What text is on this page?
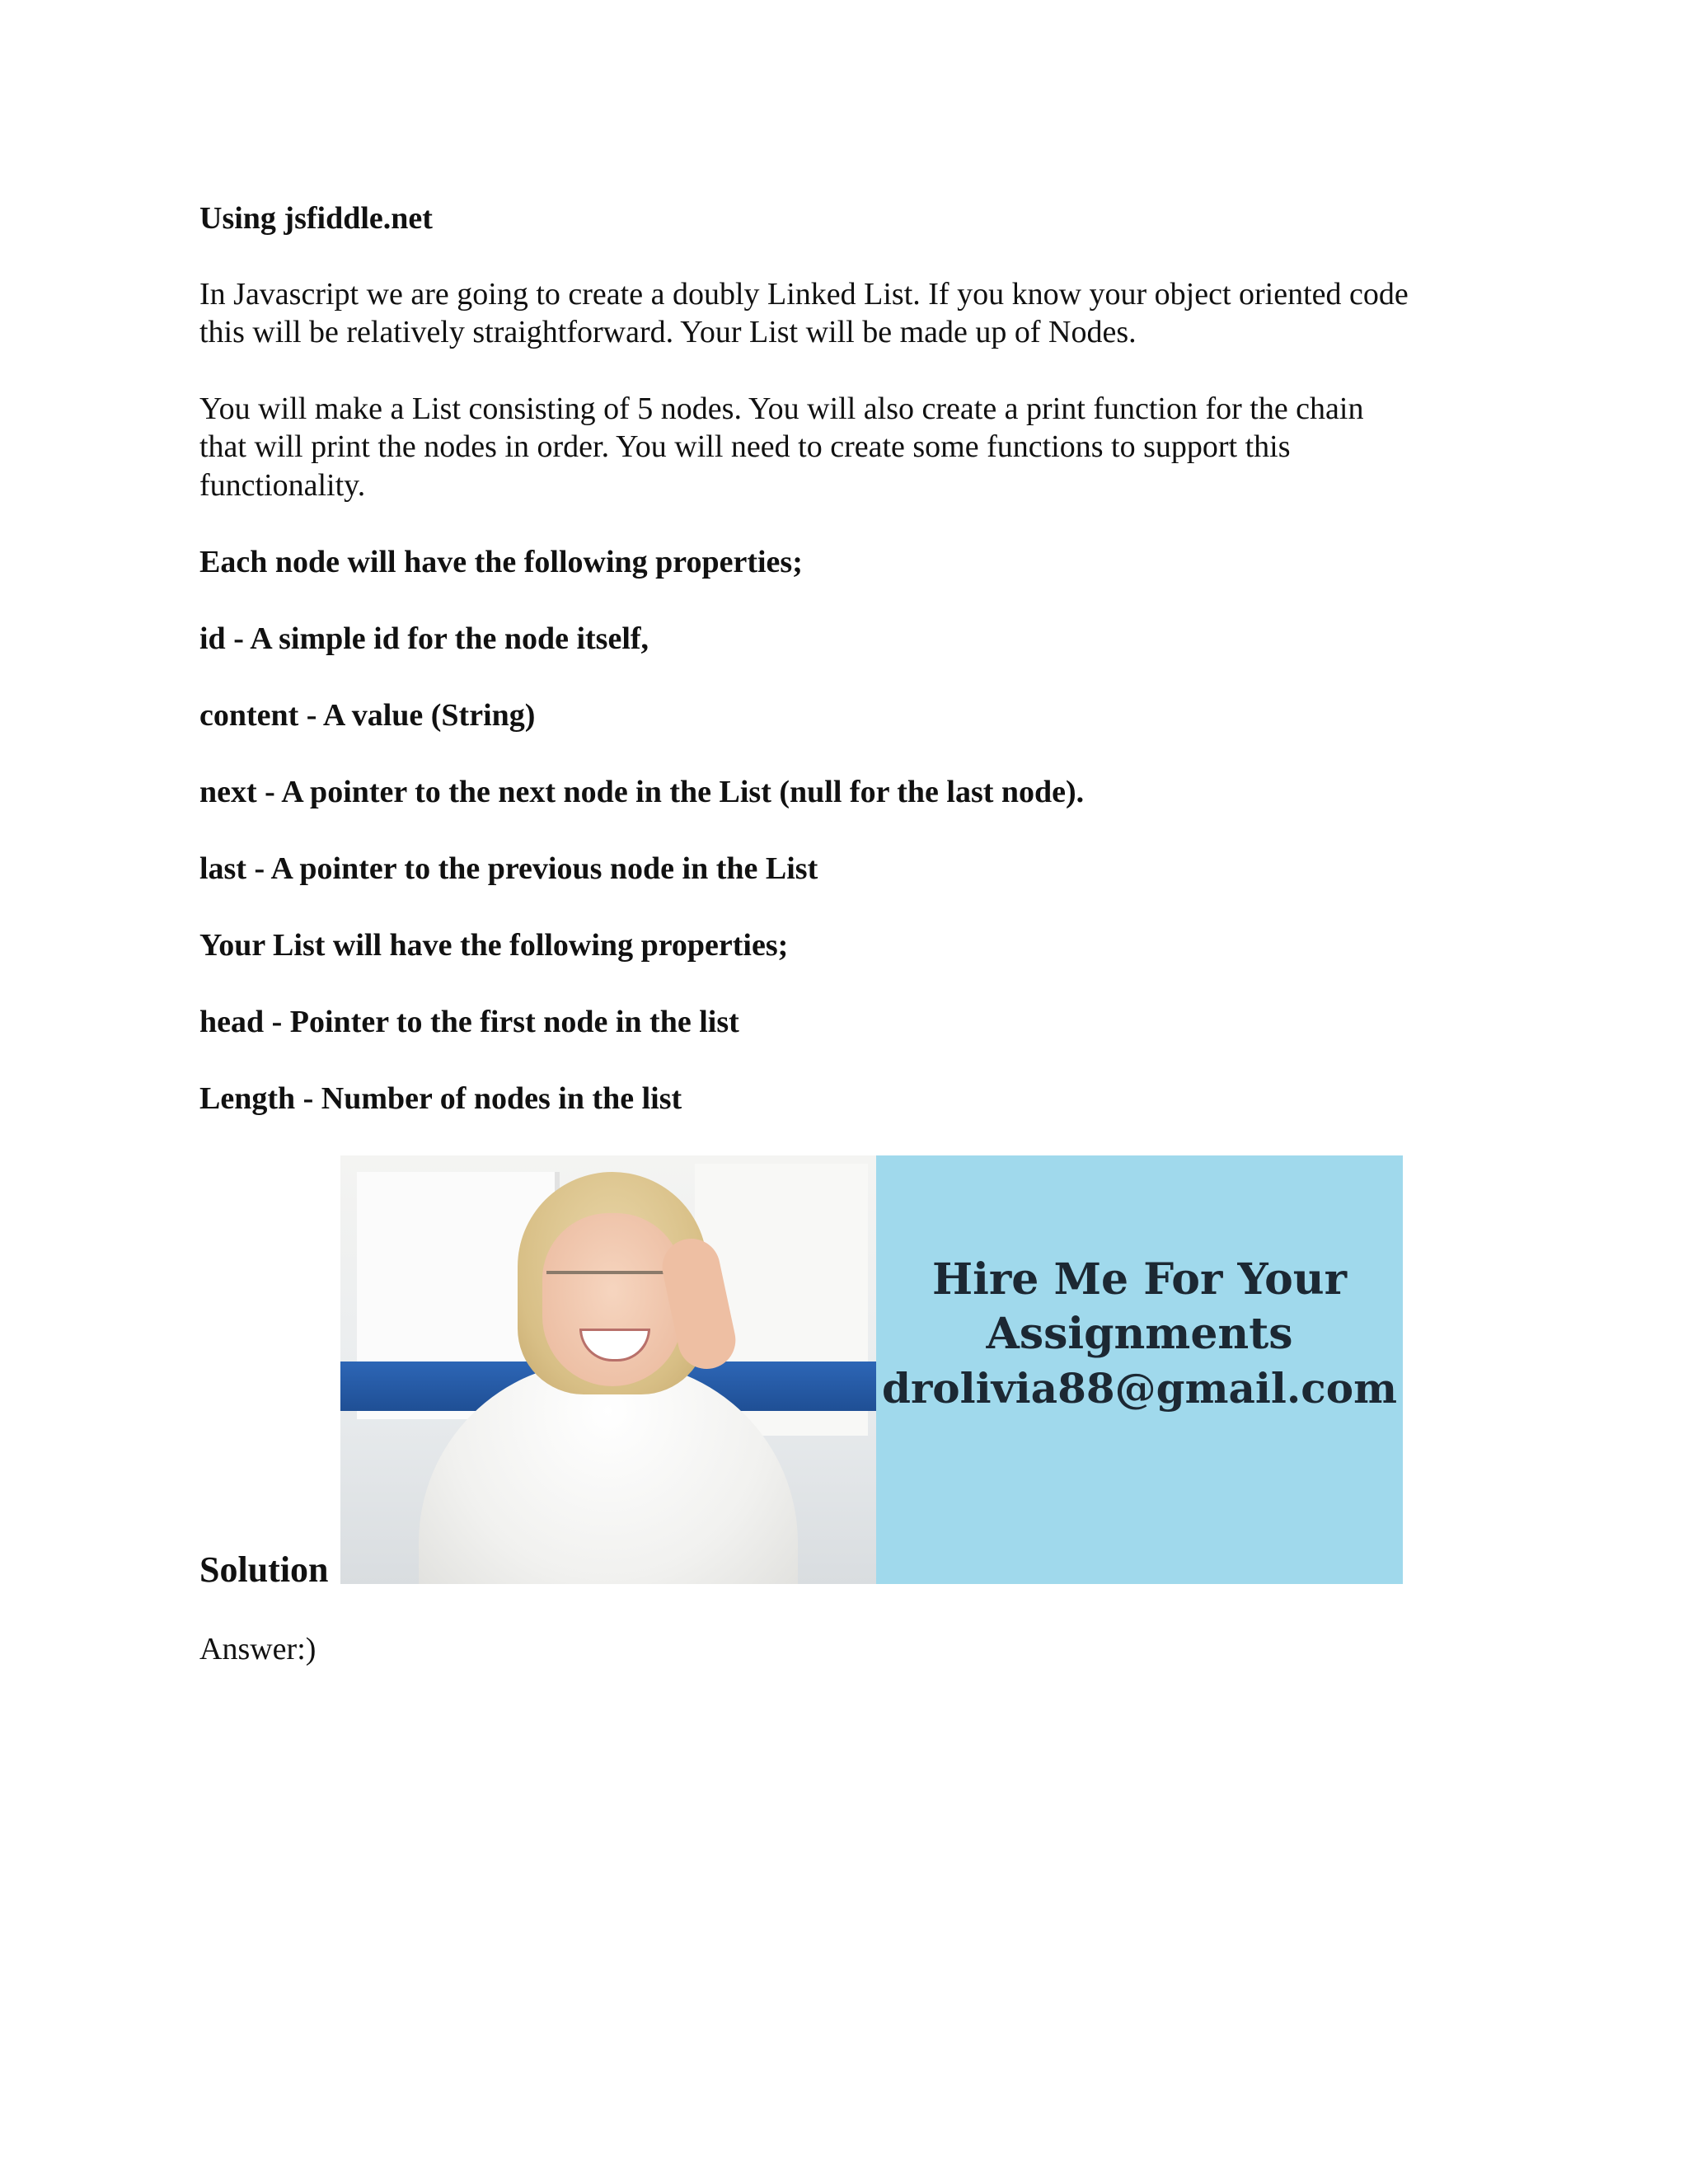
Using jsfiddle.net

In Javascript we are going to create a doubly Linked List. If you know your object oriented code

this will be relatively straightforward. Your List will be made up of Nodes.

You will make a List consisting of 5 nodes. You will also create a print function for the chain

that will print the nodes in order. You will need to create some functions to support this

functionality.

Each node will have the following properties;

id - A simple id for the node itself,

content - A value (String)

next - A pointer to the next node in the List (null for the last node).

last - A pointer to the previous node in the List

Your List will have the following properties;

head - Pointer to the first node in the list

Length - Number of nodes in the list

Hire Me For Your

Assignments

drolivia88@gmail.com

Solution

Answer:)
